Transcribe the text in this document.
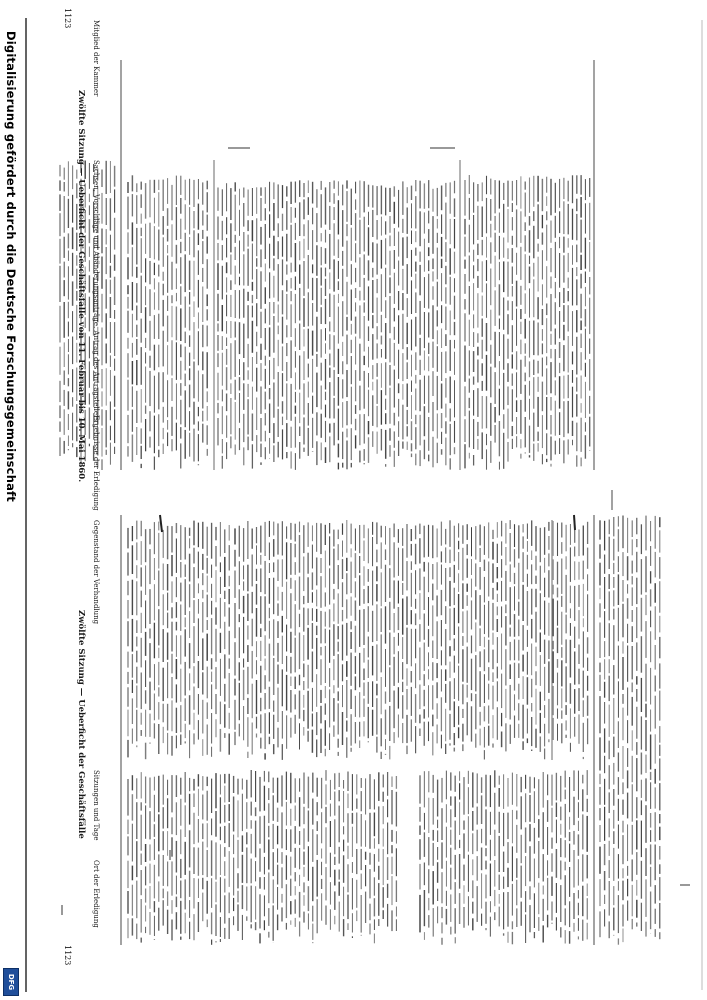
1123
Zwölfte Sitzung — Ueberficht der Geschäftsfälle von 11. Februar bis 10. Mai 1860.
Mitglied der Kammer
Sachsen, Vorschläge und Abänderungsanträge. Antrag des Antragstellers
Ergebnisse der Erledigung
Zwölfte Sitzung — Ueberficht der Geschäftsfälle
Gegenstand der Verhandlung
Sitzungen und Tage
Ort der Erledigung
1123
Digitalisierung gefördert durch die Deutsche Forschungsgemeinschaft
DFG
